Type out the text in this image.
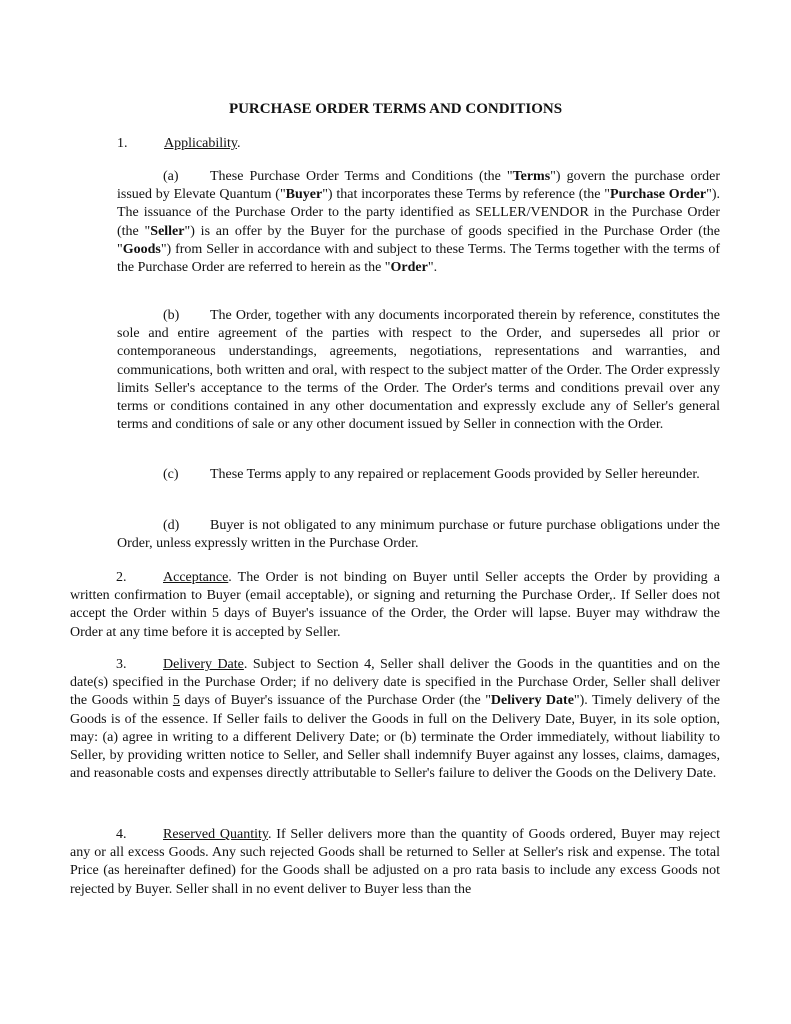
PURCHASE ORDER TERMS AND CONDITIONS
1.	Applicability.
(a) These Purchase Order Terms and Conditions (the "Terms") govern the purchase order issued by Elevate Quantum ("Buyer") that incorporates these Terms by reference (the "Purchase Order"). The issuance of the Purchase Order to the party identified as SELLER/VENDOR in the Purchase Order (the "Seller") is an offer by the Buyer for the purchase of goods specified in the Purchase Order (the "Goods") from Seller in accordance with and subject to these Terms. The Terms together with the terms of the Purchase Order are referred to herein as the "Order".
(b) The Order, together with any documents incorporated therein by reference, constitutes the sole and entire agreement of the parties with respect to the Order, and supersedes all prior or contemporaneous understandings, agreements, negotiations, representations and warranties, and communications, both written and oral, with respect to the subject matter of the Order. The Order expressly limits Seller's acceptance to the terms of the Order. The Order's terms and conditions prevail over any terms or conditions contained in any other documentation and expressly exclude any of Seller's general terms and conditions of sale or any other document issued by Seller in connection with the Order.
(c) These Terms apply to any repaired or replacement Goods provided by Seller hereunder.
(d) Buyer is not obligated to any minimum purchase or future purchase obligations under the Order, unless expressly written in the Purchase Order.
2.	Acceptance. The Order is not binding on Buyer until Seller accepts the Order by providing a written confirmation to Buyer (email acceptable), or signing and returning the Purchase Order,. If Seller does not accept the Order within 5 days of Buyer's issuance of the Order, the Order will lapse. Buyer may withdraw the Order at any time before it is accepted by Seller.
3.	Delivery Date. Subject to Section 4, Seller shall deliver the Goods in the quantities and on the date(s) specified in the Purchase Order; if no delivery date is specified in the Purchase Order, Seller shall deliver the Goods within 5 days of Buyer's issuance of the Purchase Order (the "Delivery Date"). Timely delivery of the Goods is of the essence. If Seller fails to deliver the Goods in full on the Delivery Date, Buyer, in its sole option, may: (a) agree in writing to a different Delivery Date; or (b) terminate the Order immediately, without liability to Seller, by providing written notice to Seller, and Seller shall indemnify Buyer against any losses, claims, damages, and reasonable costs and expenses directly attributable to Seller's failure to deliver the Goods on the Delivery Date.
4.	Reserved Quantity. If Seller delivers more than the quantity of Goods ordered, Buyer may reject any or all excess Goods. Any such rejected Goods shall be returned to Seller at Seller's risk and expense. The total Price (as hereinafter defined) for the Goods shall be adjusted on a pro rata basis to include any excess Goods not rejected by Buyer. Seller shall in no event deliver to Buyer less than the
